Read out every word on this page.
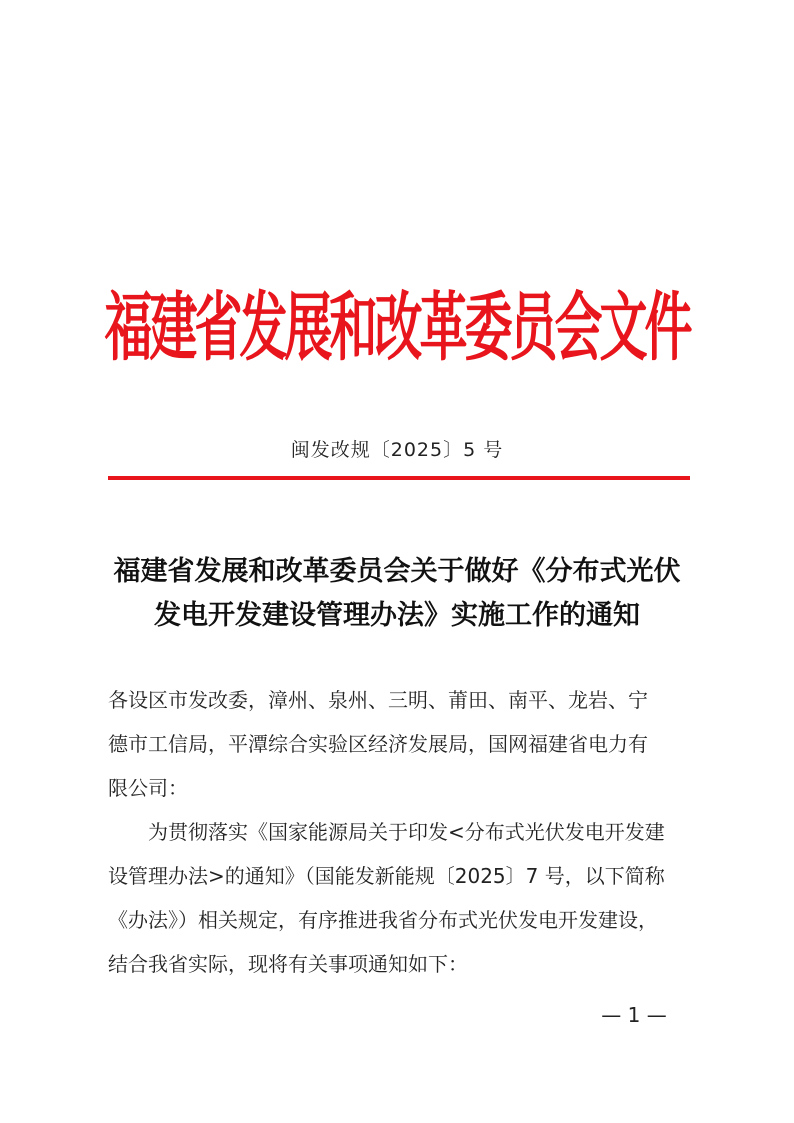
福建省发展和改革委员会文件
闽发改规〔2025〕5 号
福建省发展和改革委员会关于做好《分布式光伏
发电开发建设管理办法》实施工作的通知
各设区市发改委，漳州、泉州、三明、莆田、南平、龙岩、宁
德市工信局，平潭综合实验区经济发展局，国网福建省电力有
限公司：
为贯彻落实《国家能源局关于印发<分布式光伏发电开发建
设管理办法>的通知》（国能发新能规〔2025〕7 号，以下简称
《办法》）相关规定，有序推进我省分布式光伏发电开发建设，
结合我省实际，现将有关事项通知如下：
— 1 —
